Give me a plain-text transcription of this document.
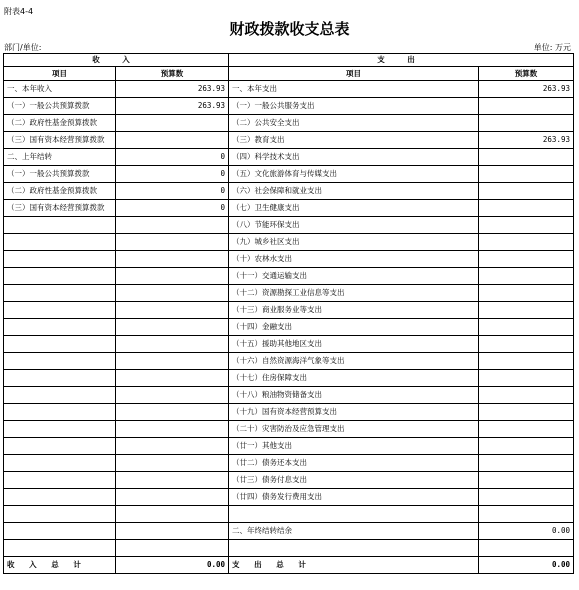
附表4-4
财政拨款收支总表
部门/单位:	单位: 万元
收 入		支 出	
项目	预算数	项目	预算数
一、本年收入	263.93	一、本年支出	263.93
（一）一般公共预算拨款	263.93	（一）一般公共服务支出	
（二）政府性基金预算拨款		（二）公共安全支出	
（三）国有资本经营预算拨款		（三）教育支出	263.93
二、上年结转	0	（四）科学技术支出	
（一）一般公共预算拨款	0	（五）文化旅游体育与传媒支出	
（二）政府性基金预算拨款	0	（六）社会保障和就业支出	
（三）国有资本经营预算拨款	0	（七）卫生健康支出	
		（八）节能环保支出	
		（九）城乡社区支出	
		（十）农林水支出	
		（十一）交通运输支出	
		（十二）资源勘探工业信息等支出	
		（十三）商业服务业等支出	
		（十四）金融支出	
		（十五）援助其他地区支出	
		（十六）自然资源海洋气象等支出	
		（十七）住房保障支出	
		（十八）粮油物资储备支出	
		（十九）国有资本经营预算支出	
		（二十）灾害防治及应急管理支出	
		（廿一）其他支出	
		（廿二）债务还本支出	
		（廿三）债务付息支出	
		（廿四）债务发行费用支出	

		二、年终结转结余	0.00

收 入 总 计	0.00	支 出 总 计	0.00
